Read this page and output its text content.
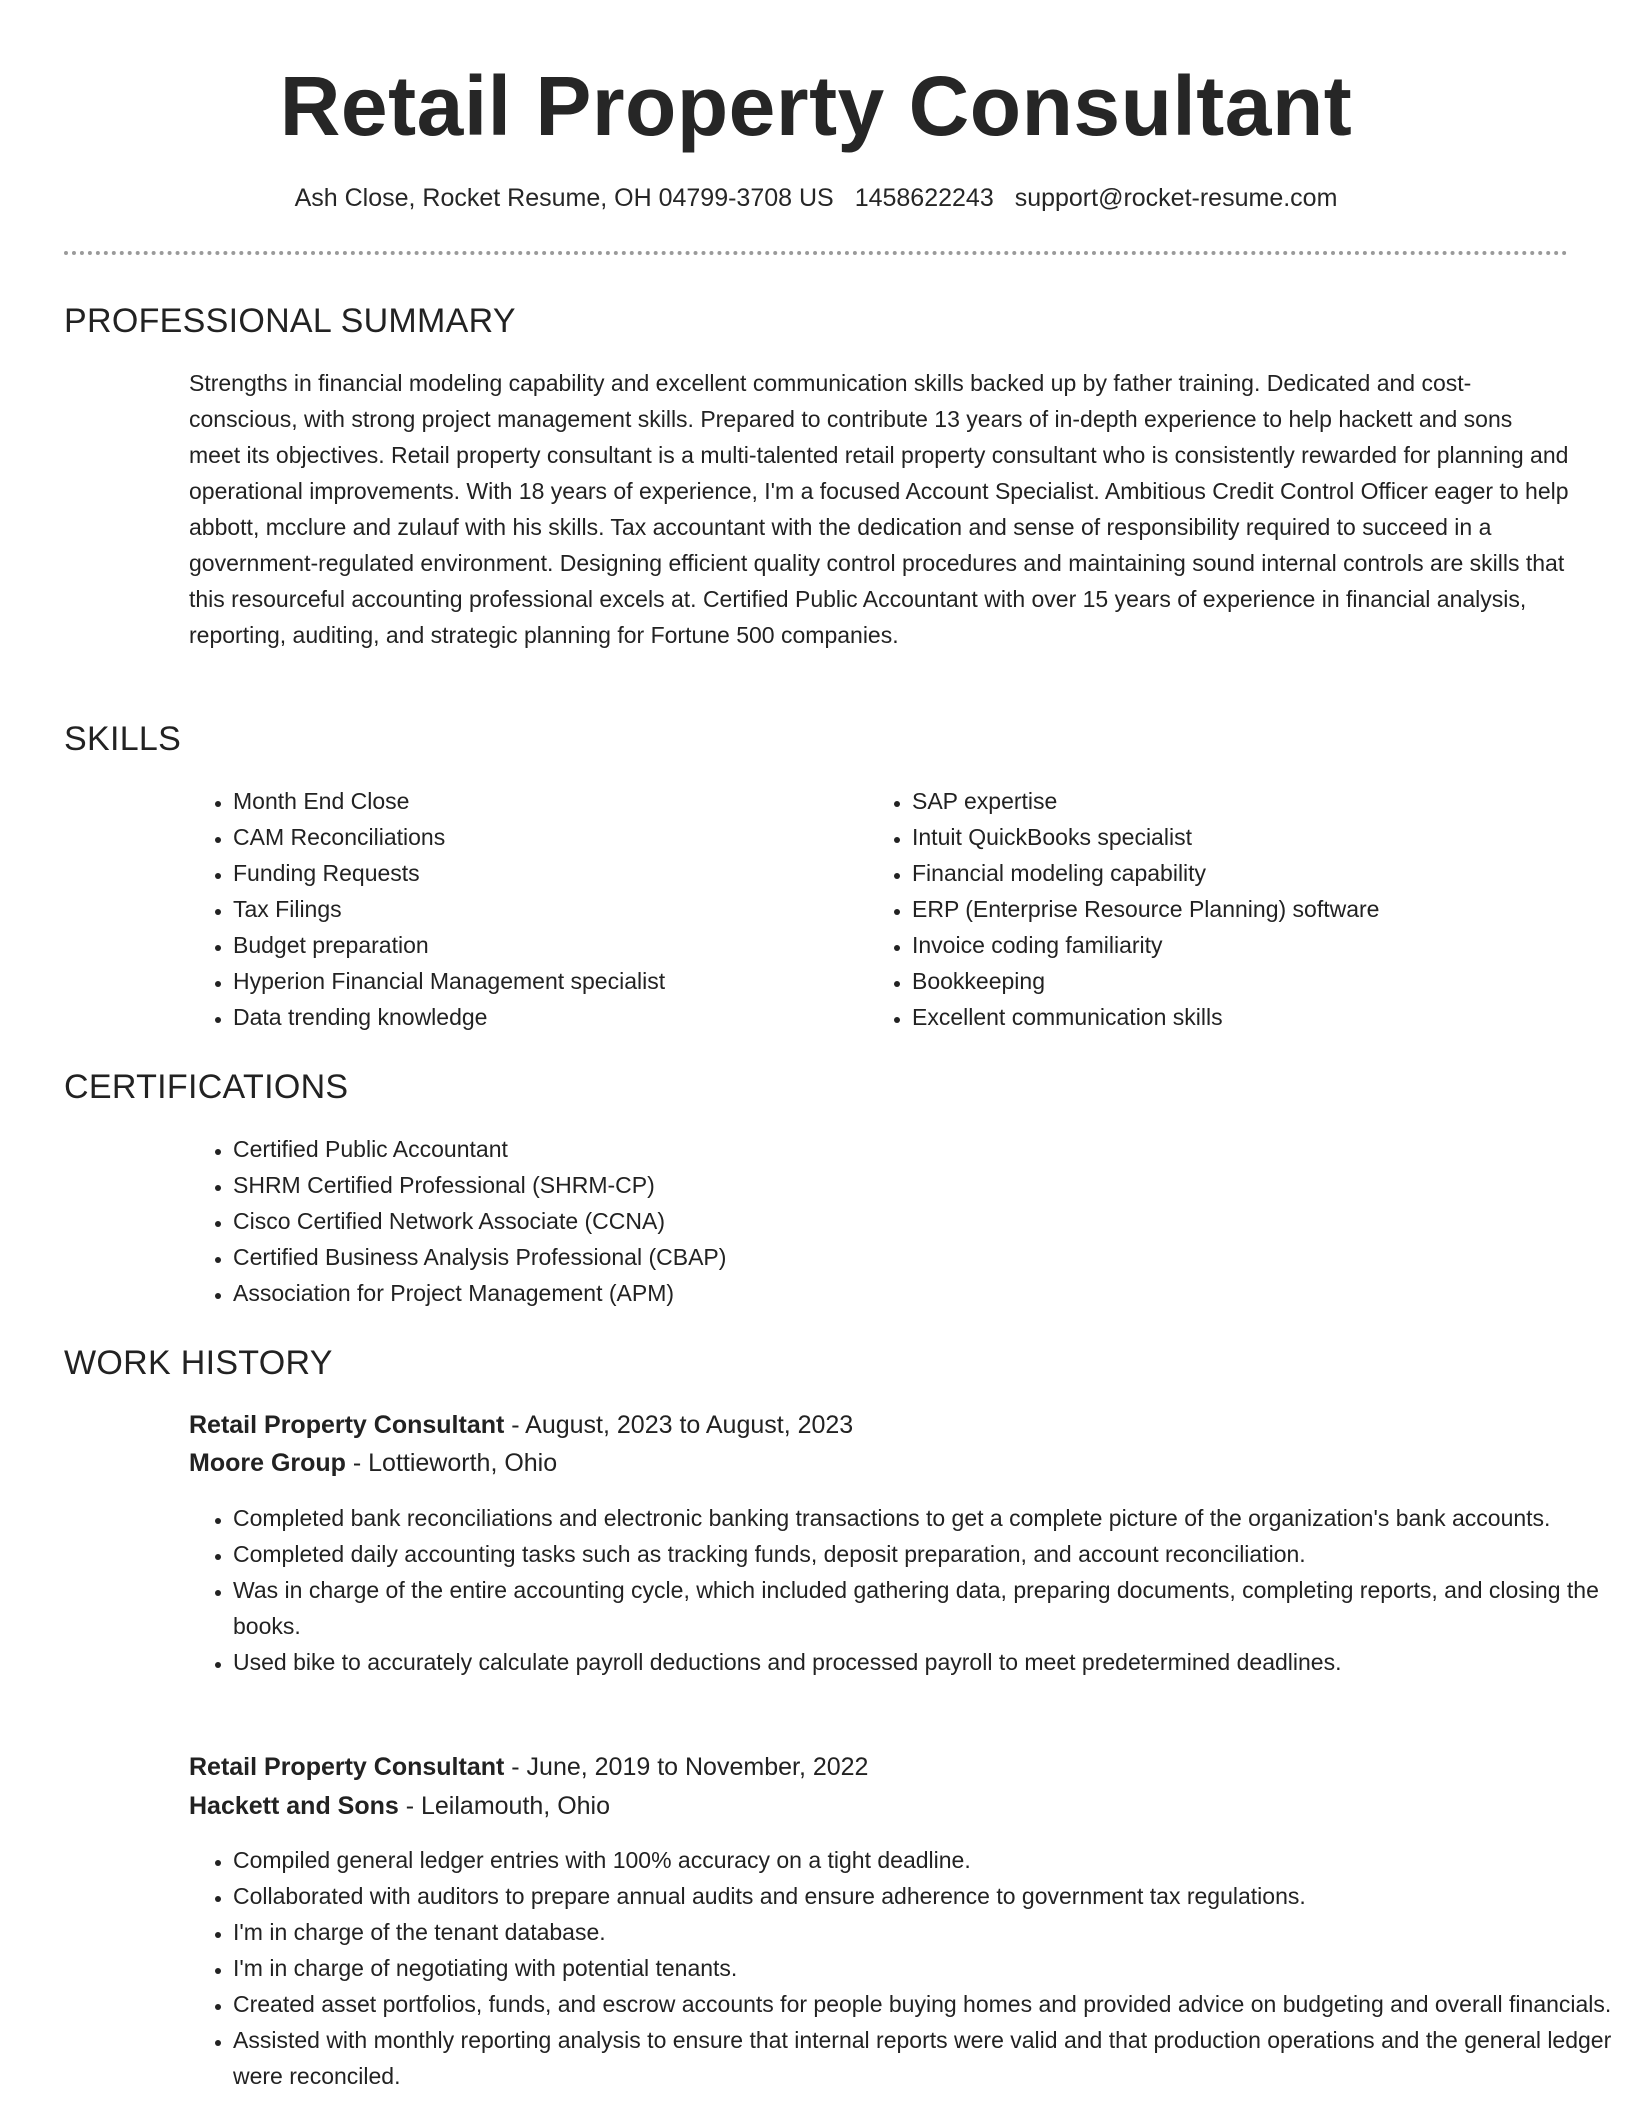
Retail Property Consultant
Ash Close, Rocket Resume, OH 04799-3708 US 1458622243 support@rocket-resume.com
PROFESSIONAL SUMMARY

Strengths in financial modeling capability and excellent communication skills backed up by father training. Dedicated and cost-conscious, with strong project management skills. Prepared to contribute 13 years of in-depth experience to help hackett and sons meet its objectives. Retail property consultant is a multi-talented retail property consultant who is consistently rewarded for planning and operational improvements. With 18 years of experience, I'm a focused Account Specialist. Ambitious Credit Control Officer eager to help abbott, mcclure and zulauf with his skills. Tax accountant with the dedication and sense of responsibility required to succeed in a government-regulated environment. Designing efficient quality control procedures and maintaining sound internal controls are skills that this resourceful accounting professional excels at. Certified Public Accountant with over 15 years of experience in financial analysis, reporting, auditing, and strategic planning for Fortune 500 companies.

SKILLS
• Month End Close
• CAM Reconciliations
• Funding Requests
• Tax Filings
• Budget preparation
• Hyperion Financial Management specialist
• Data trending knowledge
• SAP expertise
• Intuit QuickBooks specialist
• Financial modeling capability
• ERP (Enterprise Resource Planning) software
• Invoice coding familiarity
• Bookkeeping
• Excellent communication skills
CERTIFICATIONS
• Certified Public Accountant
• SHRM Certified Professional (SHRM-CP)
• Cisco Certified Network Associate (CCNA)
• Certified Business Analysis Professional (CBAP)
• Association for Project Management (APM)
WORK HISTORY
Retail Property Consultant - August, 2023 to August, 2023
Moore Group - Lottieworth, Ohio
• Completed bank reconciliations and electronic banking transactions to get a complete picture of the organization's bank accounts.
• Completed daily accounting tasks such as tracking funds, deposit preparation, and account reconciliation.
• Was in charge of the entire accounting cycle, which included gathering data, preparing documents, completing reports, and closing the books.
• Used bike to accurately calculate payroll deductions and processed payroll to meet predetermined deadlines.
Retail Property Consultant - June, 2019 to November, 2022
Hackett and Sons - Leilamouth, Ohio
• Compiled general ledger entries with 100% accuracy on a tight deadline.
• Collaborated with auditors to prepare annual audits and ensure adherence to government tax regulations.
• I'm in charge of the tenant database.
• I'm in charge of negotiating with potential tenants.
• Created asset portfolios, funds, and escrow accounts for people buying homes and provided advice on budgeting and overall financials.
• Assisted with monthly reporting analysis to ensure that internal reports were valid and that production operations and the general ledger were reconciled.
